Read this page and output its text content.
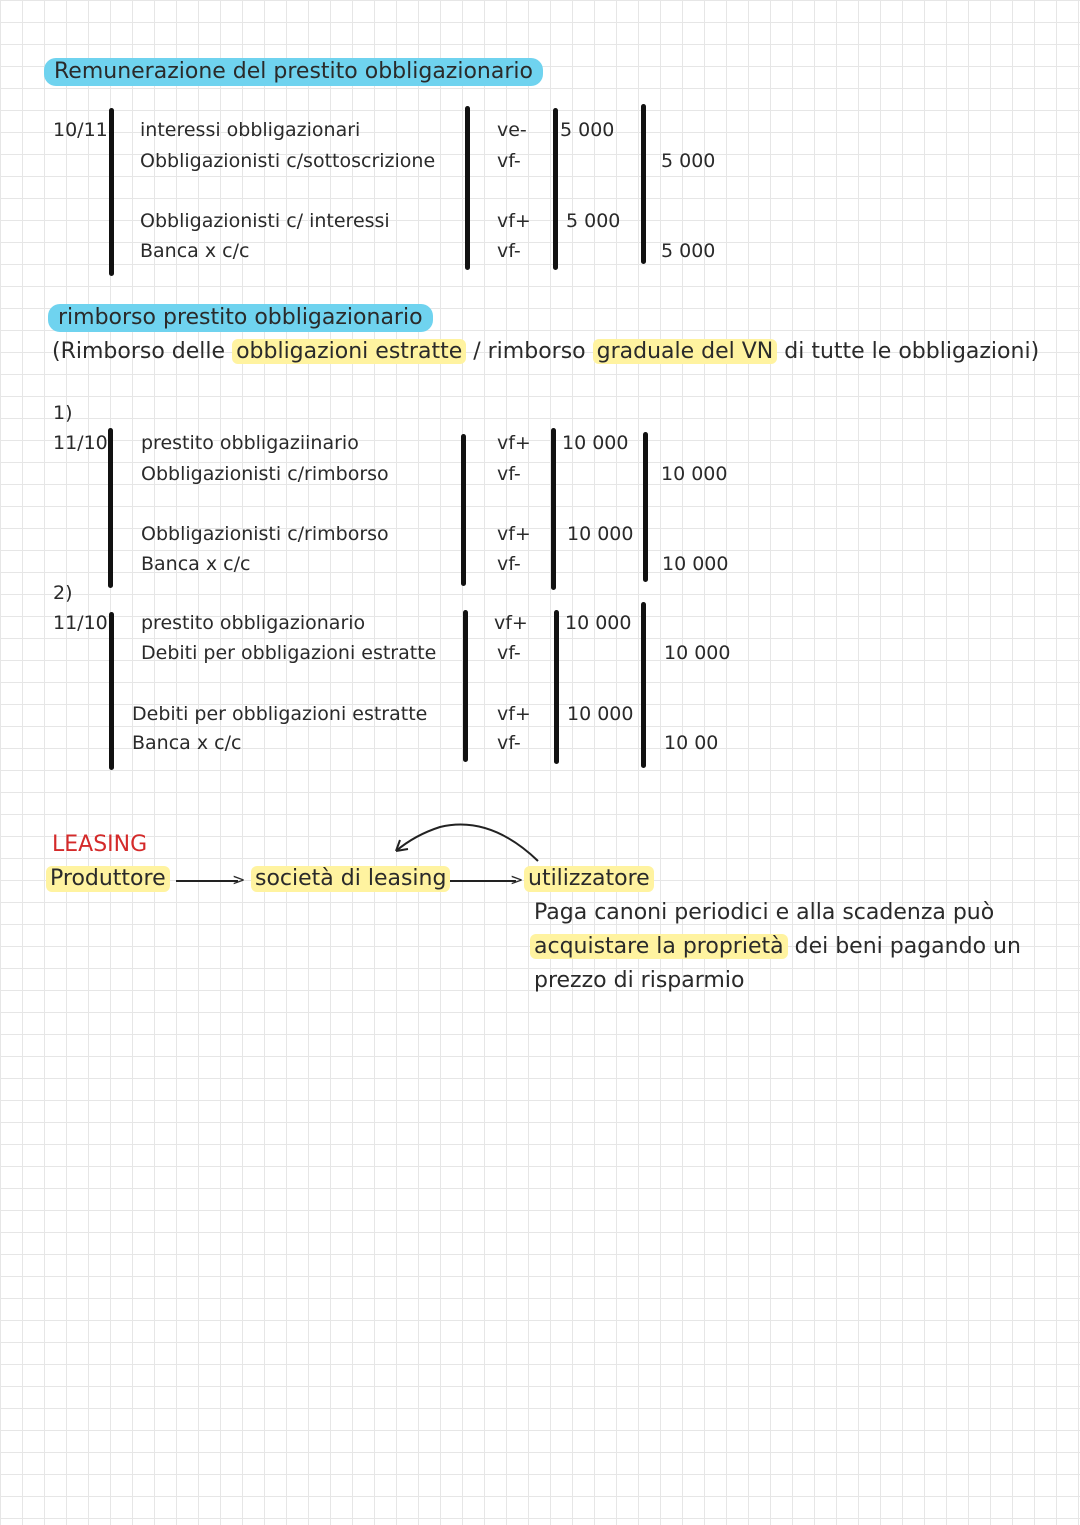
Remunerazione del prestito obbligazionario
10/11 interessi obbligazionari
Obbligazionisti c/sottoscrizione
Obbligazionisti c/ interessi
Banca x c/c
ve-
vf-
vf+
vf-
5 000
5 000
5 000
5 000
rimborso prestito obbligazionario
(Rimborso delle obbligazioni estratte / rimborso graduale del VN di tutte le obbligazioni)
1)
11/10 prestito obbligaziinario
Obbligazionisti c/rimborso
Obbligazionisti c/rimborso
Banca x c/c
vf+
vf-
vf+
vf-
10 000
10 000
10 000
10 000
2)
11/10 prestito obbligazionario
Debiti per obbligazioni estratte
Debiti per obbligazioni estratte
Banca x c/c
vf+
vf-
vf+
vf-
10 000
10 000
10 000
10 00
LEASING
Produttore	> società di leasing	> utilizzatore
Paga canoni periodici e alla scadenza può
acquistare la proprietà dei beni pagando un
prezzo di risparmio
